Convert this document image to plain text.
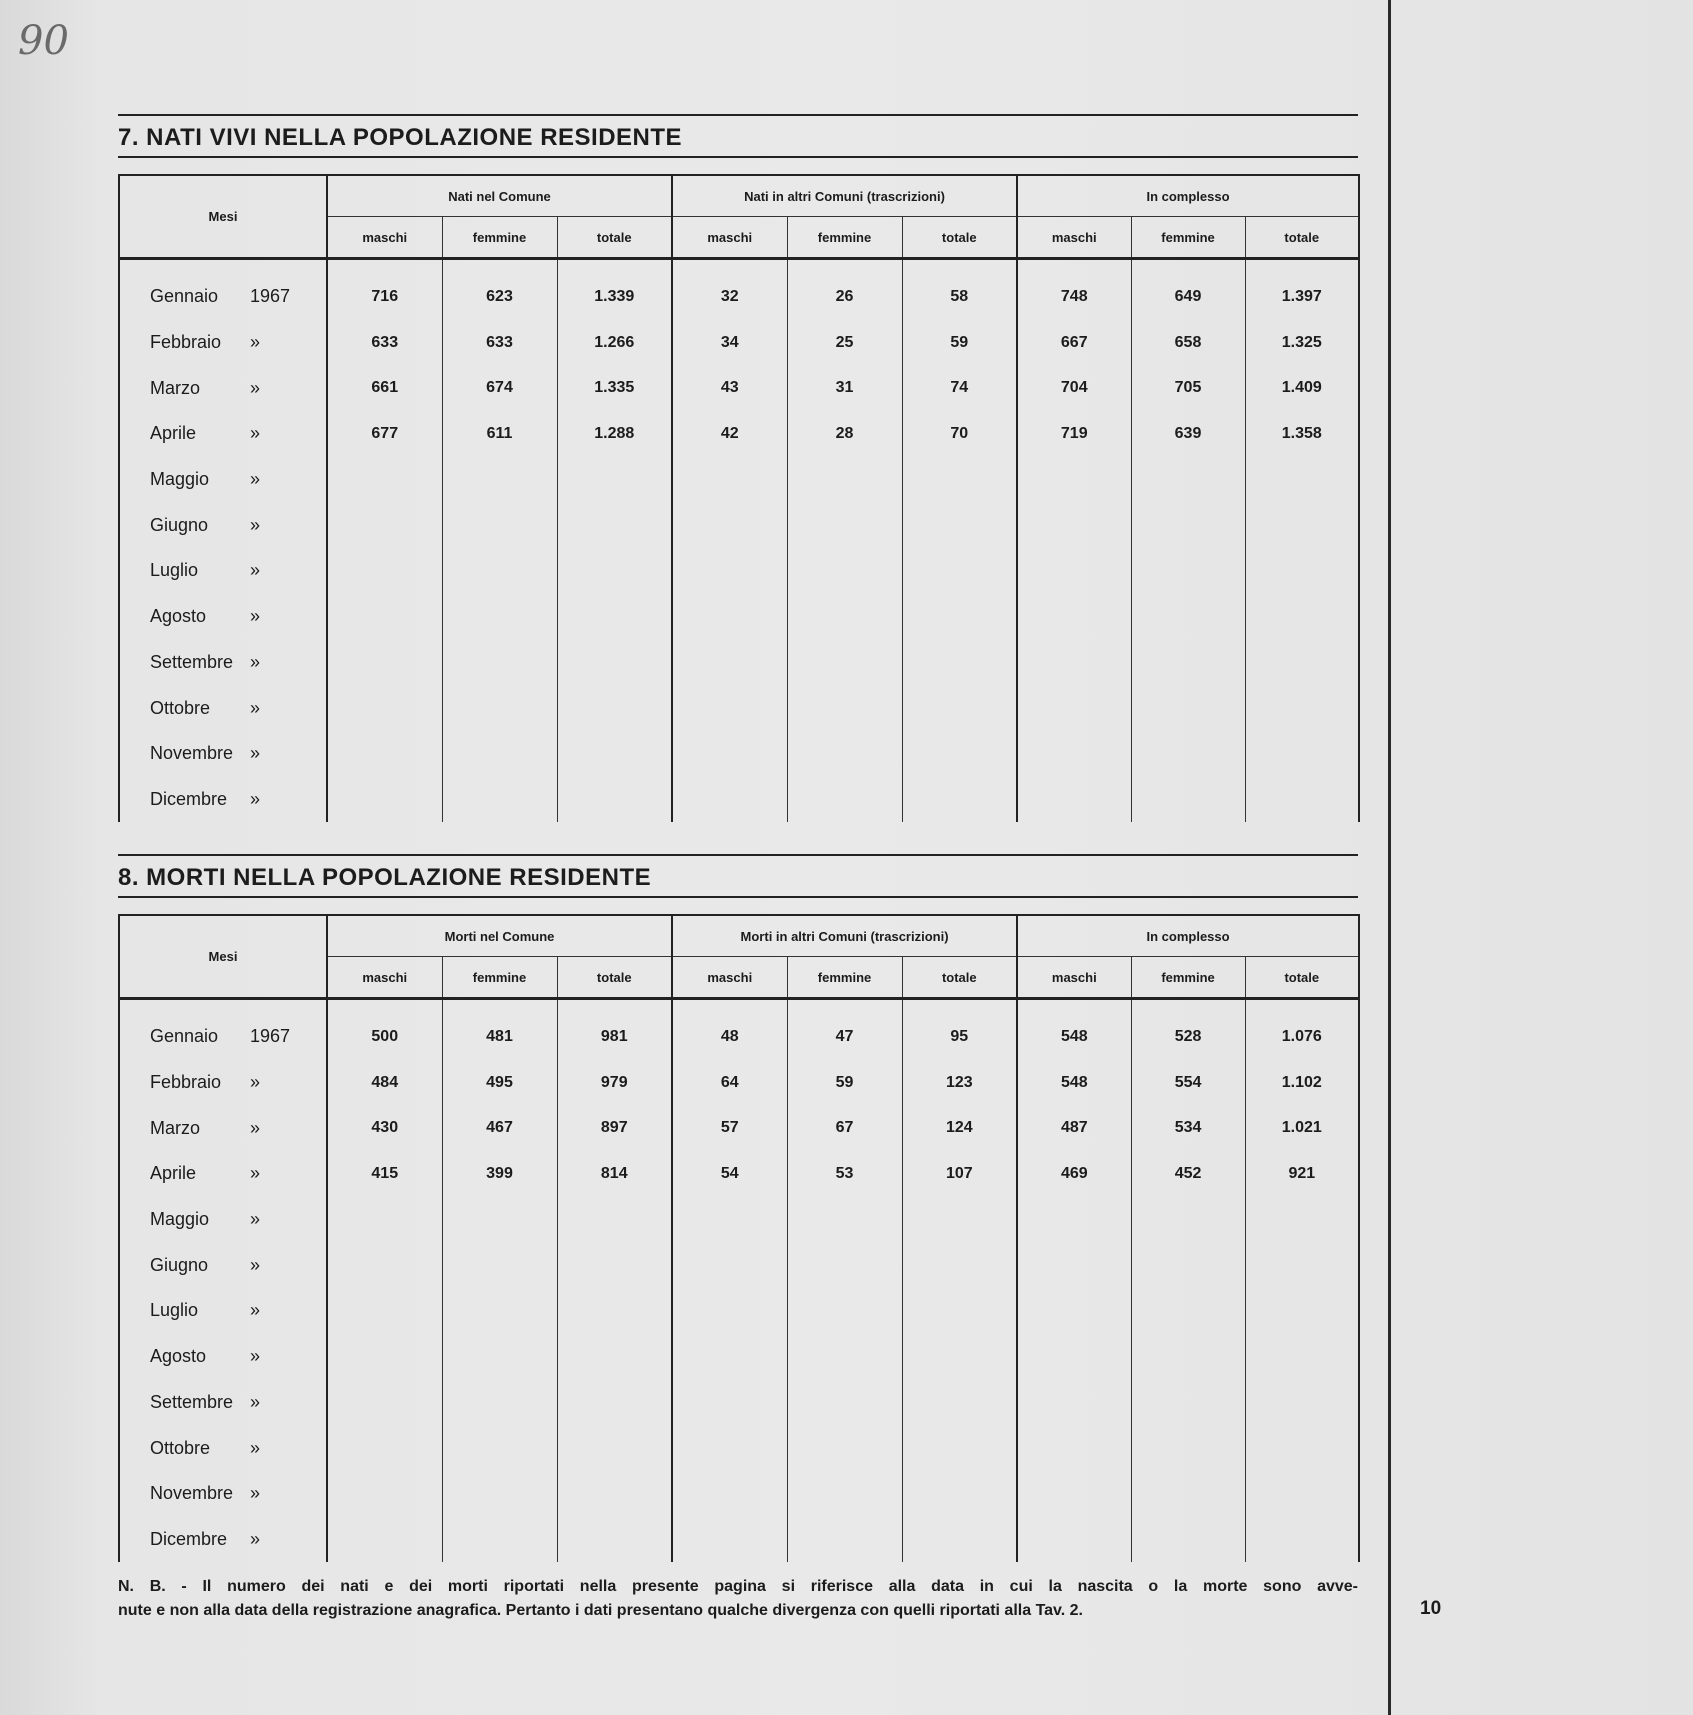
90
7. NATI VIVI NELLA POPOLAZIONE RESIDENTE
Mesi	Nati nel Comune			Nati in altri Comuni (trascrizioni)			In complesso		
	maschi	femmine	totale	maschi	femmine	totale	maschi	femmine	totale
Gennaio 1967	716	623	1.339	32	26	58	748	649	1.397
Febbraio »	633	633	1.266	34	25	59	667	658	1.325
Marzo »	661	674	1.335	43	31	74	704	705	1.409
Aprile »	677	611	1.288	42	28	70	719	639	1.358
Maggio »									
Giugno »									
Luglio »									
Agosto »									
Settembre »									
Ottobre »									
Novembre »									
Dicembre »									
8. MORTI NELLA POPOLAZIONE RESIDENTE
Mesi	Morti nel Comune			Morti in altri Comuni (trascrizioni)			In complesso		
	maschi	femmine	totale	maschi	femmine	totale	maschi	femmine	totale
Gennaio 1967	500	481	981	48	47	95	548	528	1.076
Febbraio »	484	495	979	64	59	123	548	554	1.102
Marzo »	430	467	897	57	67	124	487	534	1.021
Aprile »	415	399	814	54	53	107	469	452	921
Maggio »									
Giugno »									
Luglio »									
Agosto »									
Settembre »									
Ottobre »									
Novembre »									
Dicembre »									
N. B. - Il numero dei nati e dei morti riportati nella presente pagina si riferisce alla data in cui la nascita o la morte sono avve-
nute e non alla data della registrazione anagrafica. Pertanto i dati presentano qualche divergenza con quelli riportati alla Tav. 2.	10
